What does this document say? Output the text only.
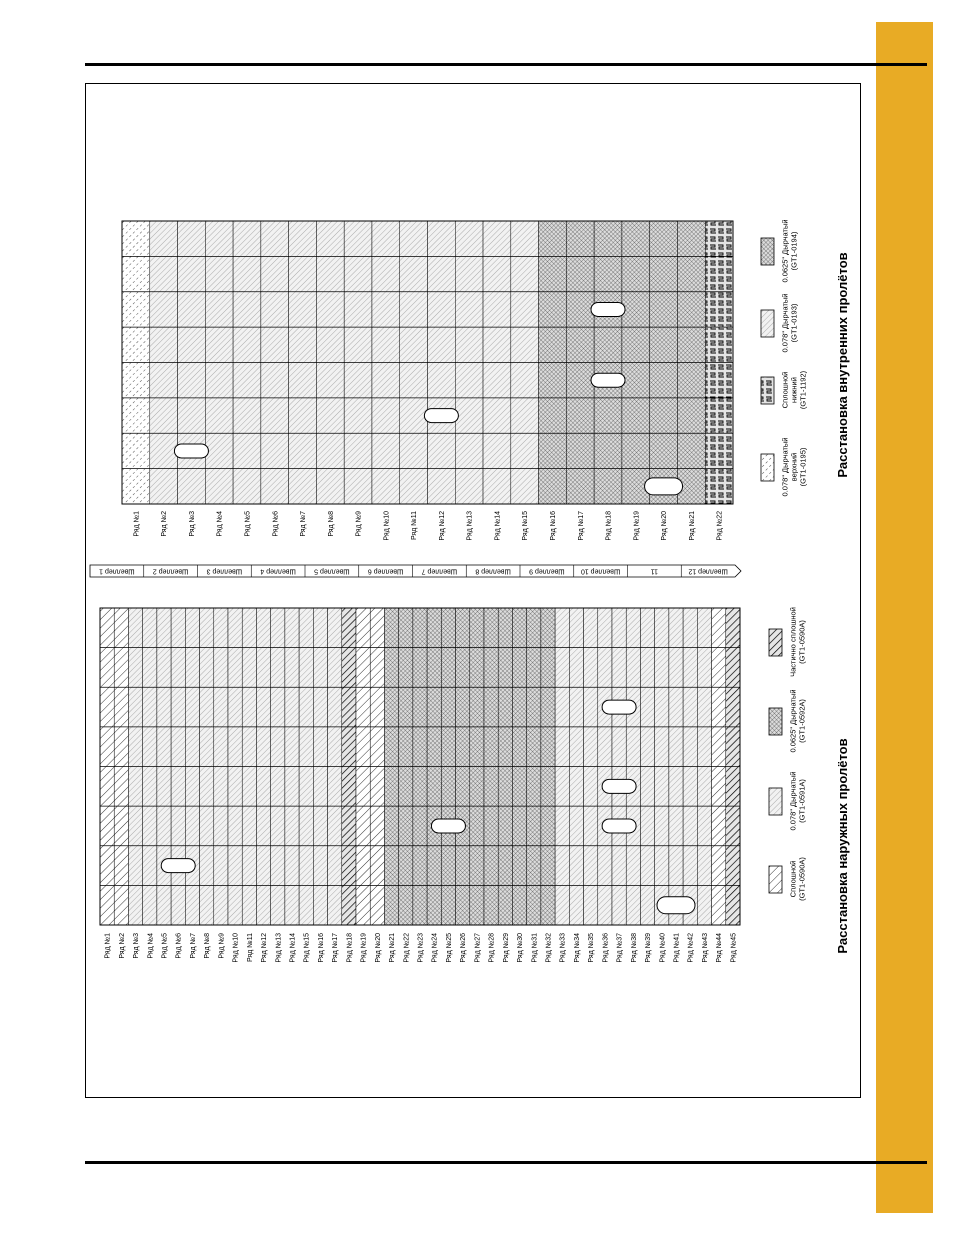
Ряд №1 Ряд №2 Ряд №3 Ряд №4 Ряд №5 Ряд №6 Ряд №7 Ряд №8 Ряд №9 Ряд №10 Ряд №11 Ряд №12 Ряд №13 Ряд №14 Ряд №15 Ряд №16 Ряд №17 Ряд №18 Ряд №19 Ряд №20 Ряд №21 Ряд №22 Ряд №23 Ряд №24 Ряд №25 Ряд №26 Ряд №27 Ряд №28 Ряд №29 Ряд №30 Ряд №31 Ряд №32 Ряд №33 Ряд №34 Ряд №35 Ряд №36 Ряд №37 Ряд №38 Ряд №39 Ряд №40 Ряд №41 Ряд №42 Ряд №43 Ряд №44 Ряд №45
Швеллер 1	Швеллер 2	Швеллер 3	Швеллер 4	Швеллер 5	Швеллер 6	Швеллер 7	Швеллер 8	Швеллер 9 Швеллер 10	11	Швеллер 12
Ряд №1	Ряд №2	Ряд №3	Ряд №4	Ряд №5	Ряд №6	Ряд №7	Ряд №8	Ряд №9	Ряд №10	Ряд №11	Ряд №12	Ряд №13	Ряд №14	Ряд №15	Ряд №16	Ряд №17	Ряд №18	Ряд №19	Ряд №20	Ряд №21	Ряд №22
Сплошной (GT1-0590A)
0.078" Дырчатый (GT1-0591A)
0.0625" Дырчатый (GT1-0592A)
Частично сплошной (GT1-0590A)
0.078" Дырчатый верхний (GT1-0195)
Сплошной нижний (GT1-1192)
0.078" Дырчатый (GT1-0193)
0.0625" Дырчатый (GT1-0194)
Расстановка наружных пролётов
Расстановка внутренних пролётов
